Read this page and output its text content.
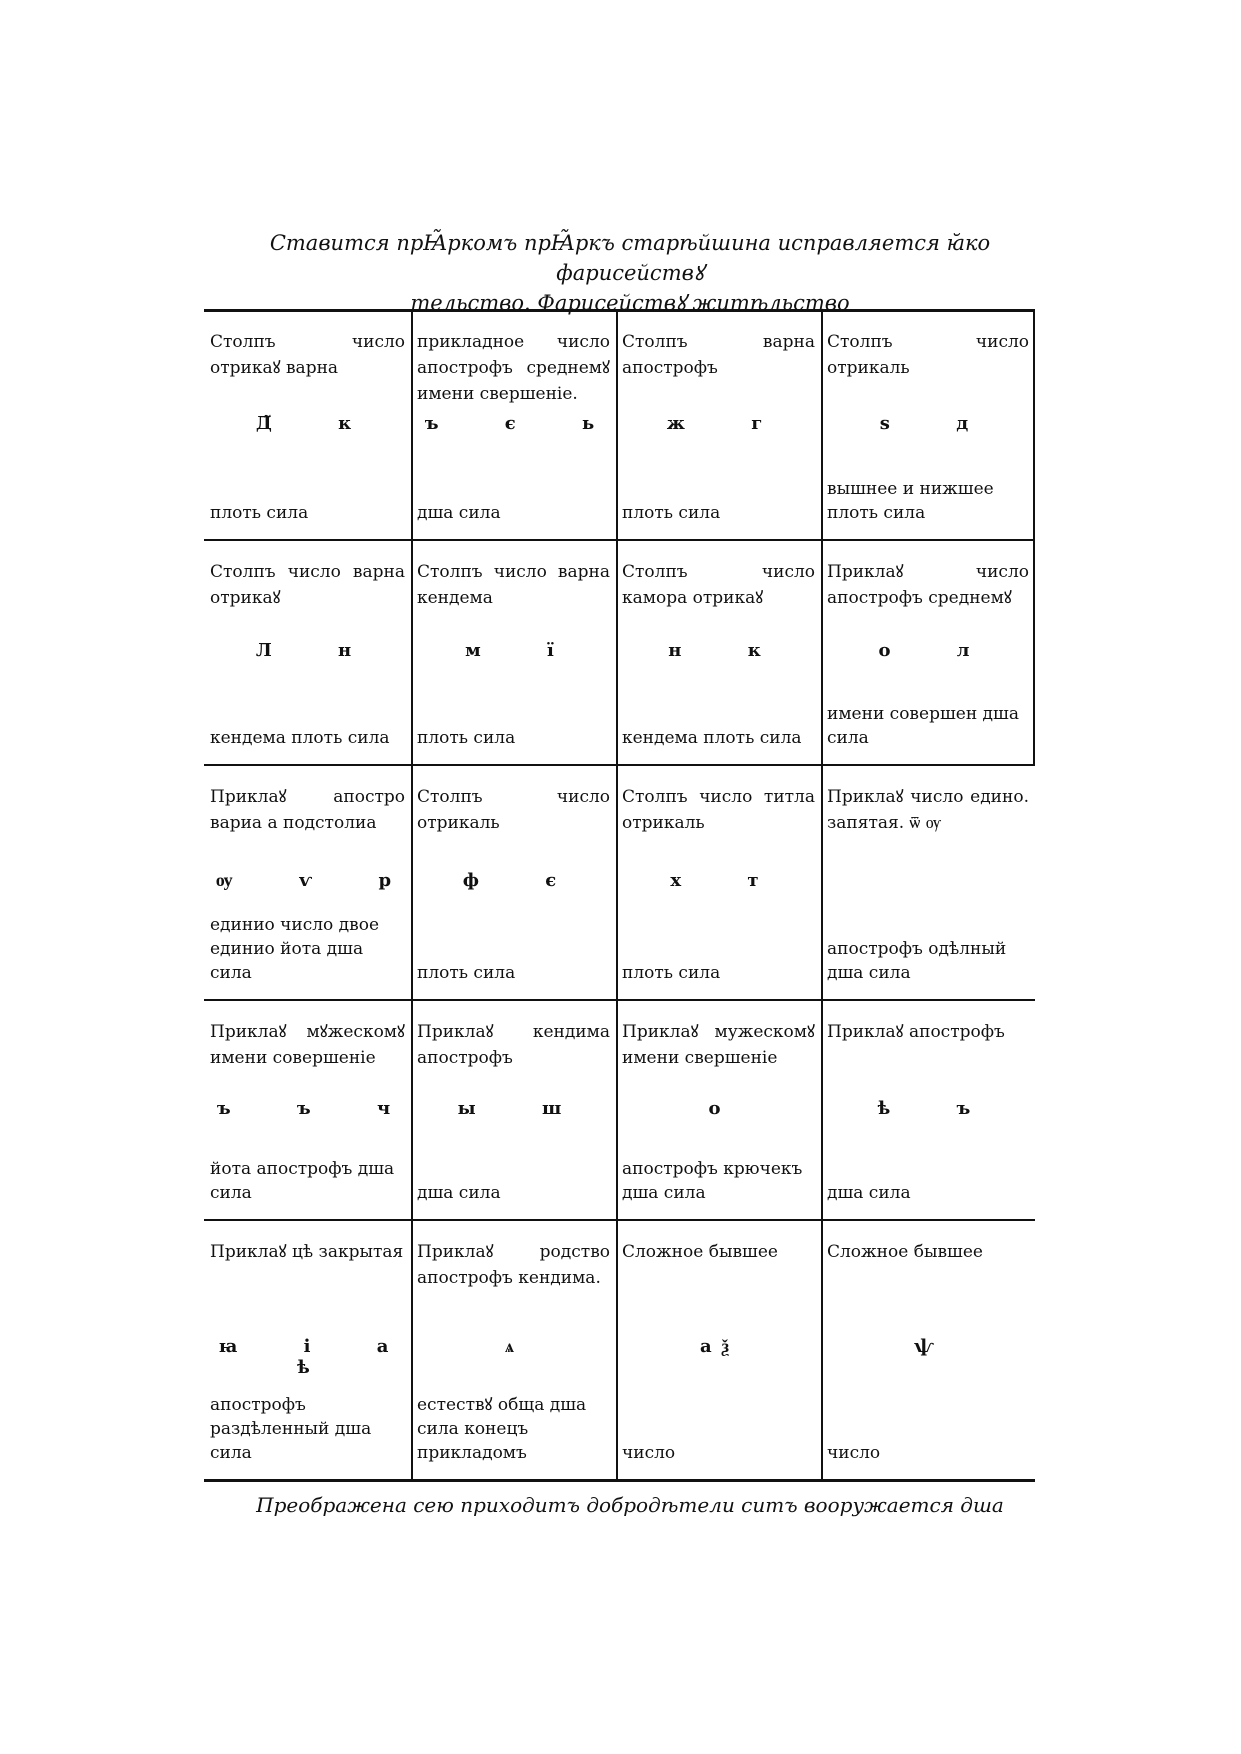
Ставится прꙖ̃ркомъ прꙖ̃ркъ старѣйшина исправляется ꙗ̆ко фарисействꙋ
тельство. Фарисействꙋ житѣльство
Столпъ число отрикаꙋ варна
Д̃ к
плоть сила
прикладное число апострофъ среднемꙋ имени свершеніе.
ъ є ь
дша сила
Столпъ варна апострофъ
ж г
плоть сила
Столпъ число отрикаль
ѕ д
вышнее и нижшее плоть сила
Столпъ число варна отрикаꙋ
Л н
кендема плоть сила
Столпъ число варна кендема
м ї
плоть сила
Столпъ число камора отрикаꙋ
н к
кендема плоть сила
Приклаꙋ число апострофъ среднемꙋ
о л
имени совершен дша сила
Приклаꙋ апостро вариа а подстолиа
ѹ ѵ р
единио число двое единио йота дша сила
Столпъ число отрикаль
ф є
плоть сила
Столпъ число титла отрикаль
х т
плоть сила
Приклаꙋ число едино. запятая. ѿ ѹ
апострофъ одѣлный дша сила
Приклаꙋ мꙋжескомꙋ имени совершеніе
ъ ъ ч
йота апострофъ дша сила
Приклаꙋ кендима апострофъ
ы ш
дша сила
Приклаꙋ мужескомꙋ имени свершеніе
о
апострофъ крючекъ дша сила
Приклаꙋ апострофъ
ѣ ъ
дша сила
Приклаꙋ цѣ закрытая
ꙗ і а ѣ
апострофъ раздѣленный дша сила
Приклаꙋ родство апострофъ кендима.
ѧ
естествꙋ обща дша сила конецъ прикладомъ
Сложное бывшее
аѯ
число
Сложное бывшее
ѱ
число
Преображена сею приходитъ добродѣтели ситъ вооружается дша
